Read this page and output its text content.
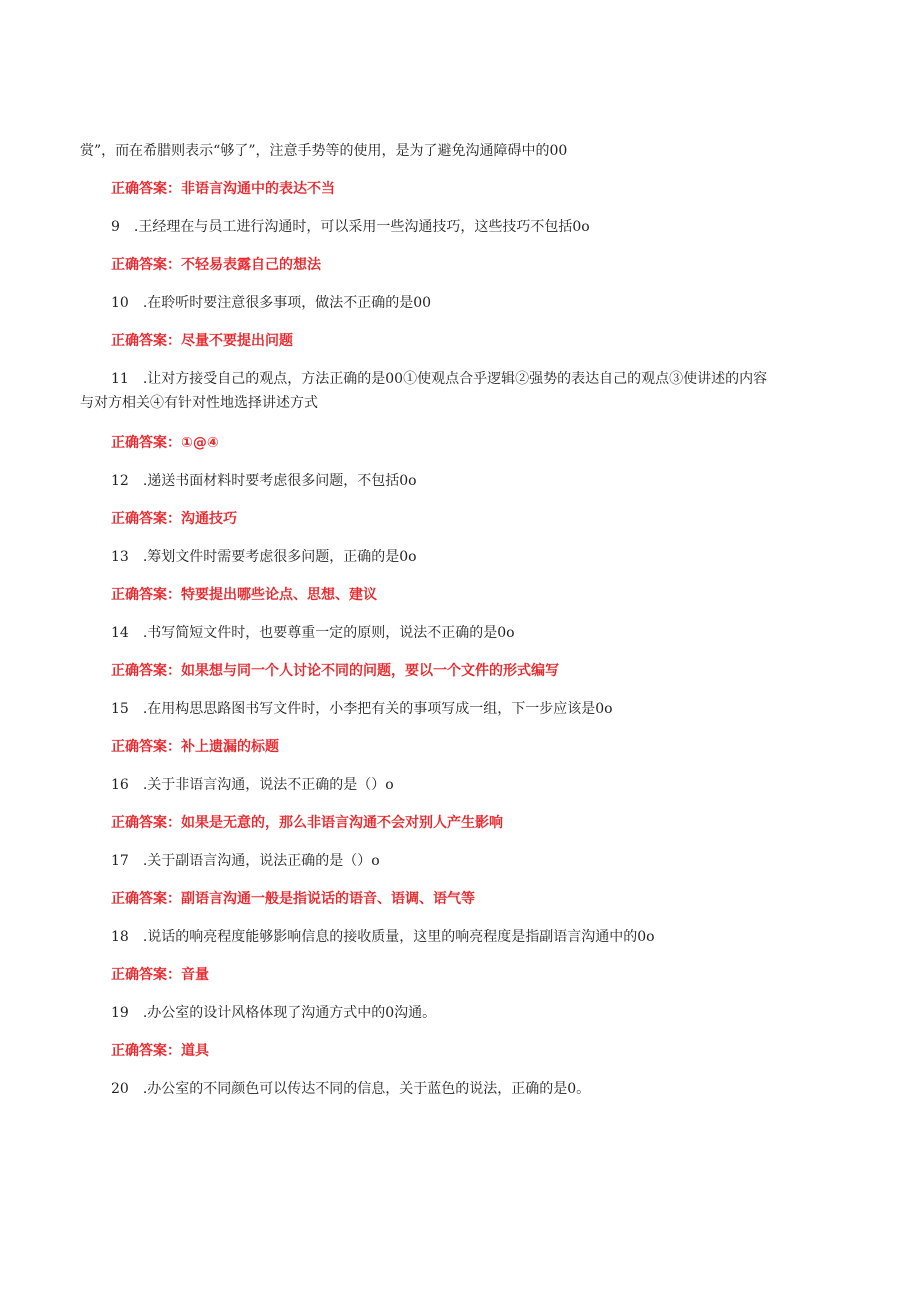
赏”，而在希腊则表示“够了”，注意手势等的使用，是为了避免沟通障碍中的00
正确答案：非语言沟通中的表达不当
9　.王经理在与员工进行沟通时，可以采用一些沟通技巧，这些技巧不包括0o
正确答案：不轻易表露自己的想法
10　.在聆听时要注意很多事项，做法不正确的是00
正确答案：尽量不要提出问题
11　.让对方接受自己的观点，方法正确的是00①使观点合乎逻辑②强势的表达自己的观点③使讲述的内容
与对方相关④有针对性地选择讲述方式
正确答案：①@④
12　.递送书面材料时要考虑很多问题，不包括0o
正确答案：沟通技巧
13　.筹划文件时需要考虑很多问题，正确的是0o
正确答案：特要提出哪些论点、思想、建议
14　.书写简短文件时，也要尊重一定的原则，说法不正确的是0o
正确答案：如果想与同一个人讨论不同的问题，要以一个文件的形式编写
15　.在用构思思路图书写文件时，小李把有关的事项写成一组，下一步应该是0o
正确答案：补上遗漏的标题
16　.关于非语言沟通，说法不正确的是（）o
正确答案：如果是无意的，那么非语言沟通不会对别人产生影响
17　.关于副语言沟通，说法正确的是（）o
正确答案：副语言沟通一般是指说话的语音、语调、语气等
18　.说话的响亮程度能够影响信息的接收质量，这里的响亮程度是指副语言沟通中的0o
正确答案：音量
19　.办公室的设计风格体现了沟通方式中的0沟通。
正确答案：道具
20　.办公室的不同颜色可以传达不同的信息，关于蓝色的说法，正确的是0。
